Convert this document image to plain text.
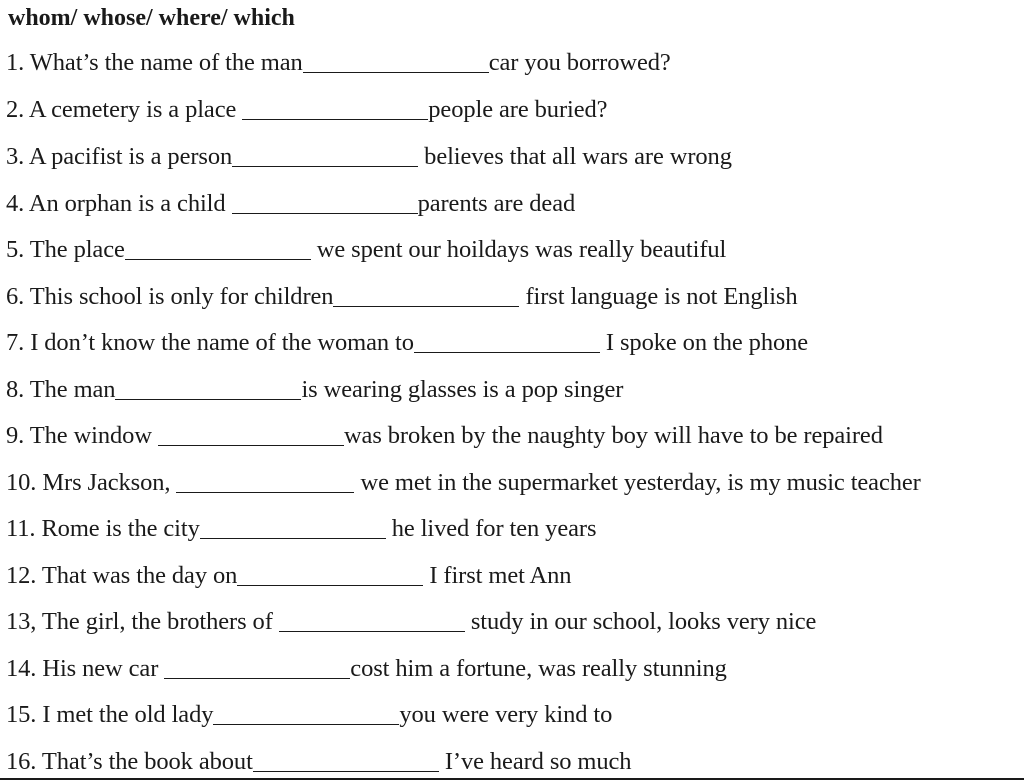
whom/ whose/ where/ which
1. What’s the name of the man	car you borrowed?
2. A cemetery is a place	people are buried?
3. A pacifist is a person	believes that all wars are wrong
4. An orphan is a child	parents are dead
5. The place	we spent our hoildays was really beautiful
6. This school is only for children	first language is not English
7. I don’t know the name of the woman to	I spoke on the phone
8. The man	is wearing glasses is a pop singer
9. The window	was broken by the naughty boy will have to be repaired
10. Mrs Jackson,	we met in the supermarket yesterday, is my music teacher
11. Rome is the city	he lived for ten years
12. That was the day on	I first met Ann
13, The girl, the brothers of	study in our school, looks very nice
14. His new car	cost him a fortune, was really stunning
15. I met the old lady	you were very kind to
16. That’s the book about	I’ve heard so much
